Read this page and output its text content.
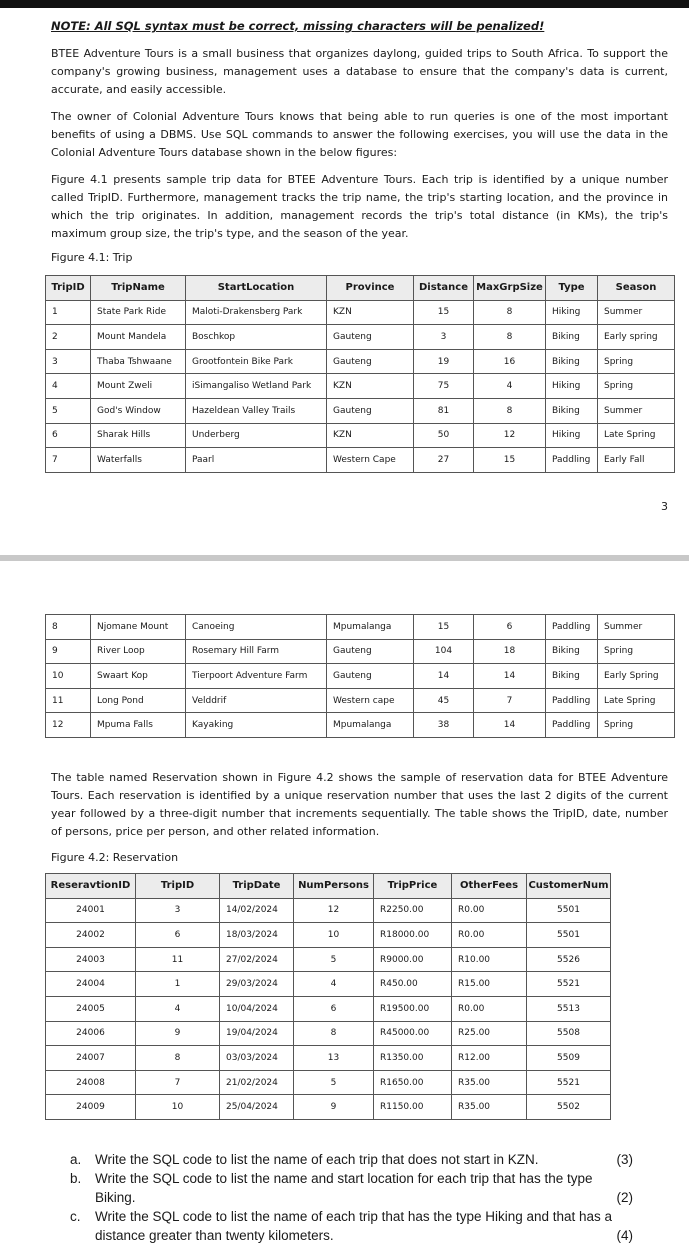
NOTE: All SQL syntax must be correct, missing characters will be penalized!

BTEE Adventure Tours is a small business that organizes daylong, guided trips to South Africa. To support the company's growing business, management uses a database to ensure that the company's data is current, accurate, and easily accessible.

The owner of Colonial Adventure Tours knows that being able to run queries is one of the most important benefits of using a DBMS. Use SQL commands to answer the following exercises, you will use the data in the Colonial Adventure Tours database shown in the below figures:

Figure 4.1 presents sample trip data for BTEE Adventure Tours. Each trip is identified by a unique number called TripID. Furthermore, management tracks the trip name, the trip's starting location, and the province in which the trip originates. In addition, management records the trip's total distance (in KMs), the trip's maximum group size, the trip's type, and the season of the year.

Figure 4.1: Trip
TripID	TripName	StartLocation	Province	Distance	MaxGrpSize	Type	Season
1	State Park Ride	Maloti-Drakensberg Park	KZN	15	8	Hiking	Summer
2	Mount Mandela	Boschkop	Gauteng	3	8	Biking	Early spring
3	Thaba Tshwaane	Grootfontein Bike Park	Gauteng	19	16	Biking	Spring
4	Mount Zweli	iSimangaliso Wetland Park	KZN	75	4	Hiking	Spring
5	God's Window	Hazeldean Valley Trails	Gauteng	81	8	Biking	Summer
6	Sharak Hills	Underberg	KZN	50	12	Hiking	Late Spring
7	Waterfalls	Paarl	Western Cape	27	15	Paddling	Early Fall
3
8	Njomane Mount	Canoeing	Mpumalanga	15	6	Paddling	Summer
9	River Loop	Rosemary Hill Farm	Gauteng	104	18	Biking	Spring
10	Swaart Kop	Tierpoort Adventure Farm	Gauteng	14	14	Biking	Early Spring
11	Long Pond	Velddrif	Western cape	45	7	Paddling	Late Spring
12	Mpuma Falls	Kayaking	Mpumalanga	38	14	Paddling	Spring

The table named Reservation shown in Figure 4.2 shows the sample of reservation data for BTEE Adventure Tours. Each reservation is identified by a unique reservation number that uses the last 2 digits of the current year followed by a three-digit number that increments sequentially. The table shows the TripID, date, number of persons, price per person, and other related information.

Figure 4.2: Reservation
ReseravtionID	TripID	TripDate	NumPersons	TripPrice	OtherFees	CustomerNum
24001	3	14/02/2024	12	R2250.00	R0.00	5501
24002	6	18/03/2024	10	R18000.00	R0.00	5501
24003	11	27/02/2024	5	R9000.00	R10.00	5526
24004	1	29/03/2024	4	R450.00	R15.00	5521
24005	4	10/04/2024	6	R19500.00	R0.00	5513
24006	9	19/04/2024	8	R45000.00	R25.00	5508
24007	8	03/03/2024	13	R1350.00	R12.00	5509
24008	7	21/02/2024	5	R1650.00	R35.00	5521
24009	10	25/04/2024	9	R1150.00	R35.00	5502
a. Write the SQL code to list the name of each trip that does not start in KZN.	(3)
b. Write the SQL code to list the name and start location for each trip that has the type Biking.	(2)
c. Write the SQL code to list the name of each trip that has the type Hiking and that has a distance greater than twenty kilometers.	(4)
